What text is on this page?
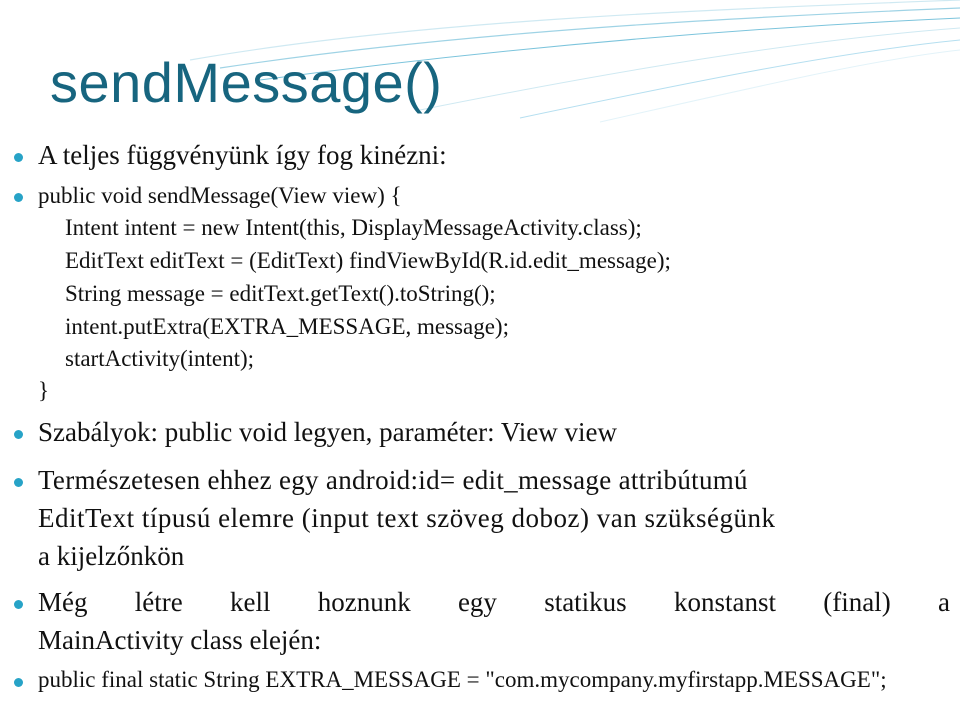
sendMessage()
A teljes függvényünk így fog kinézni:
public void sendMessage(View view) {
Intent intent = new Intent(this, DisplayMessageActivity.class);
EditText editText = (EditText) findViewById(R.id.edit_message);
String message = editText.getText().toString();
intent.putExtra(EXTRA_MESSAGE, message);
startActivity(intent);
}
Szabályok: public void legyen, paraméter: View view
Természetesen ehhez egy android:id= edit_message attribútumú
EditText típusú elemre (input text szöveg doboz) van szükségünk
a kijelzőnkön
Még létre kell hoznunk egy statikus konstanst (final) a
MainActivity class elején:
public final static String EXTRA_MESSAGE = "com.mycompany.myfirstapp.MESSAGE";
